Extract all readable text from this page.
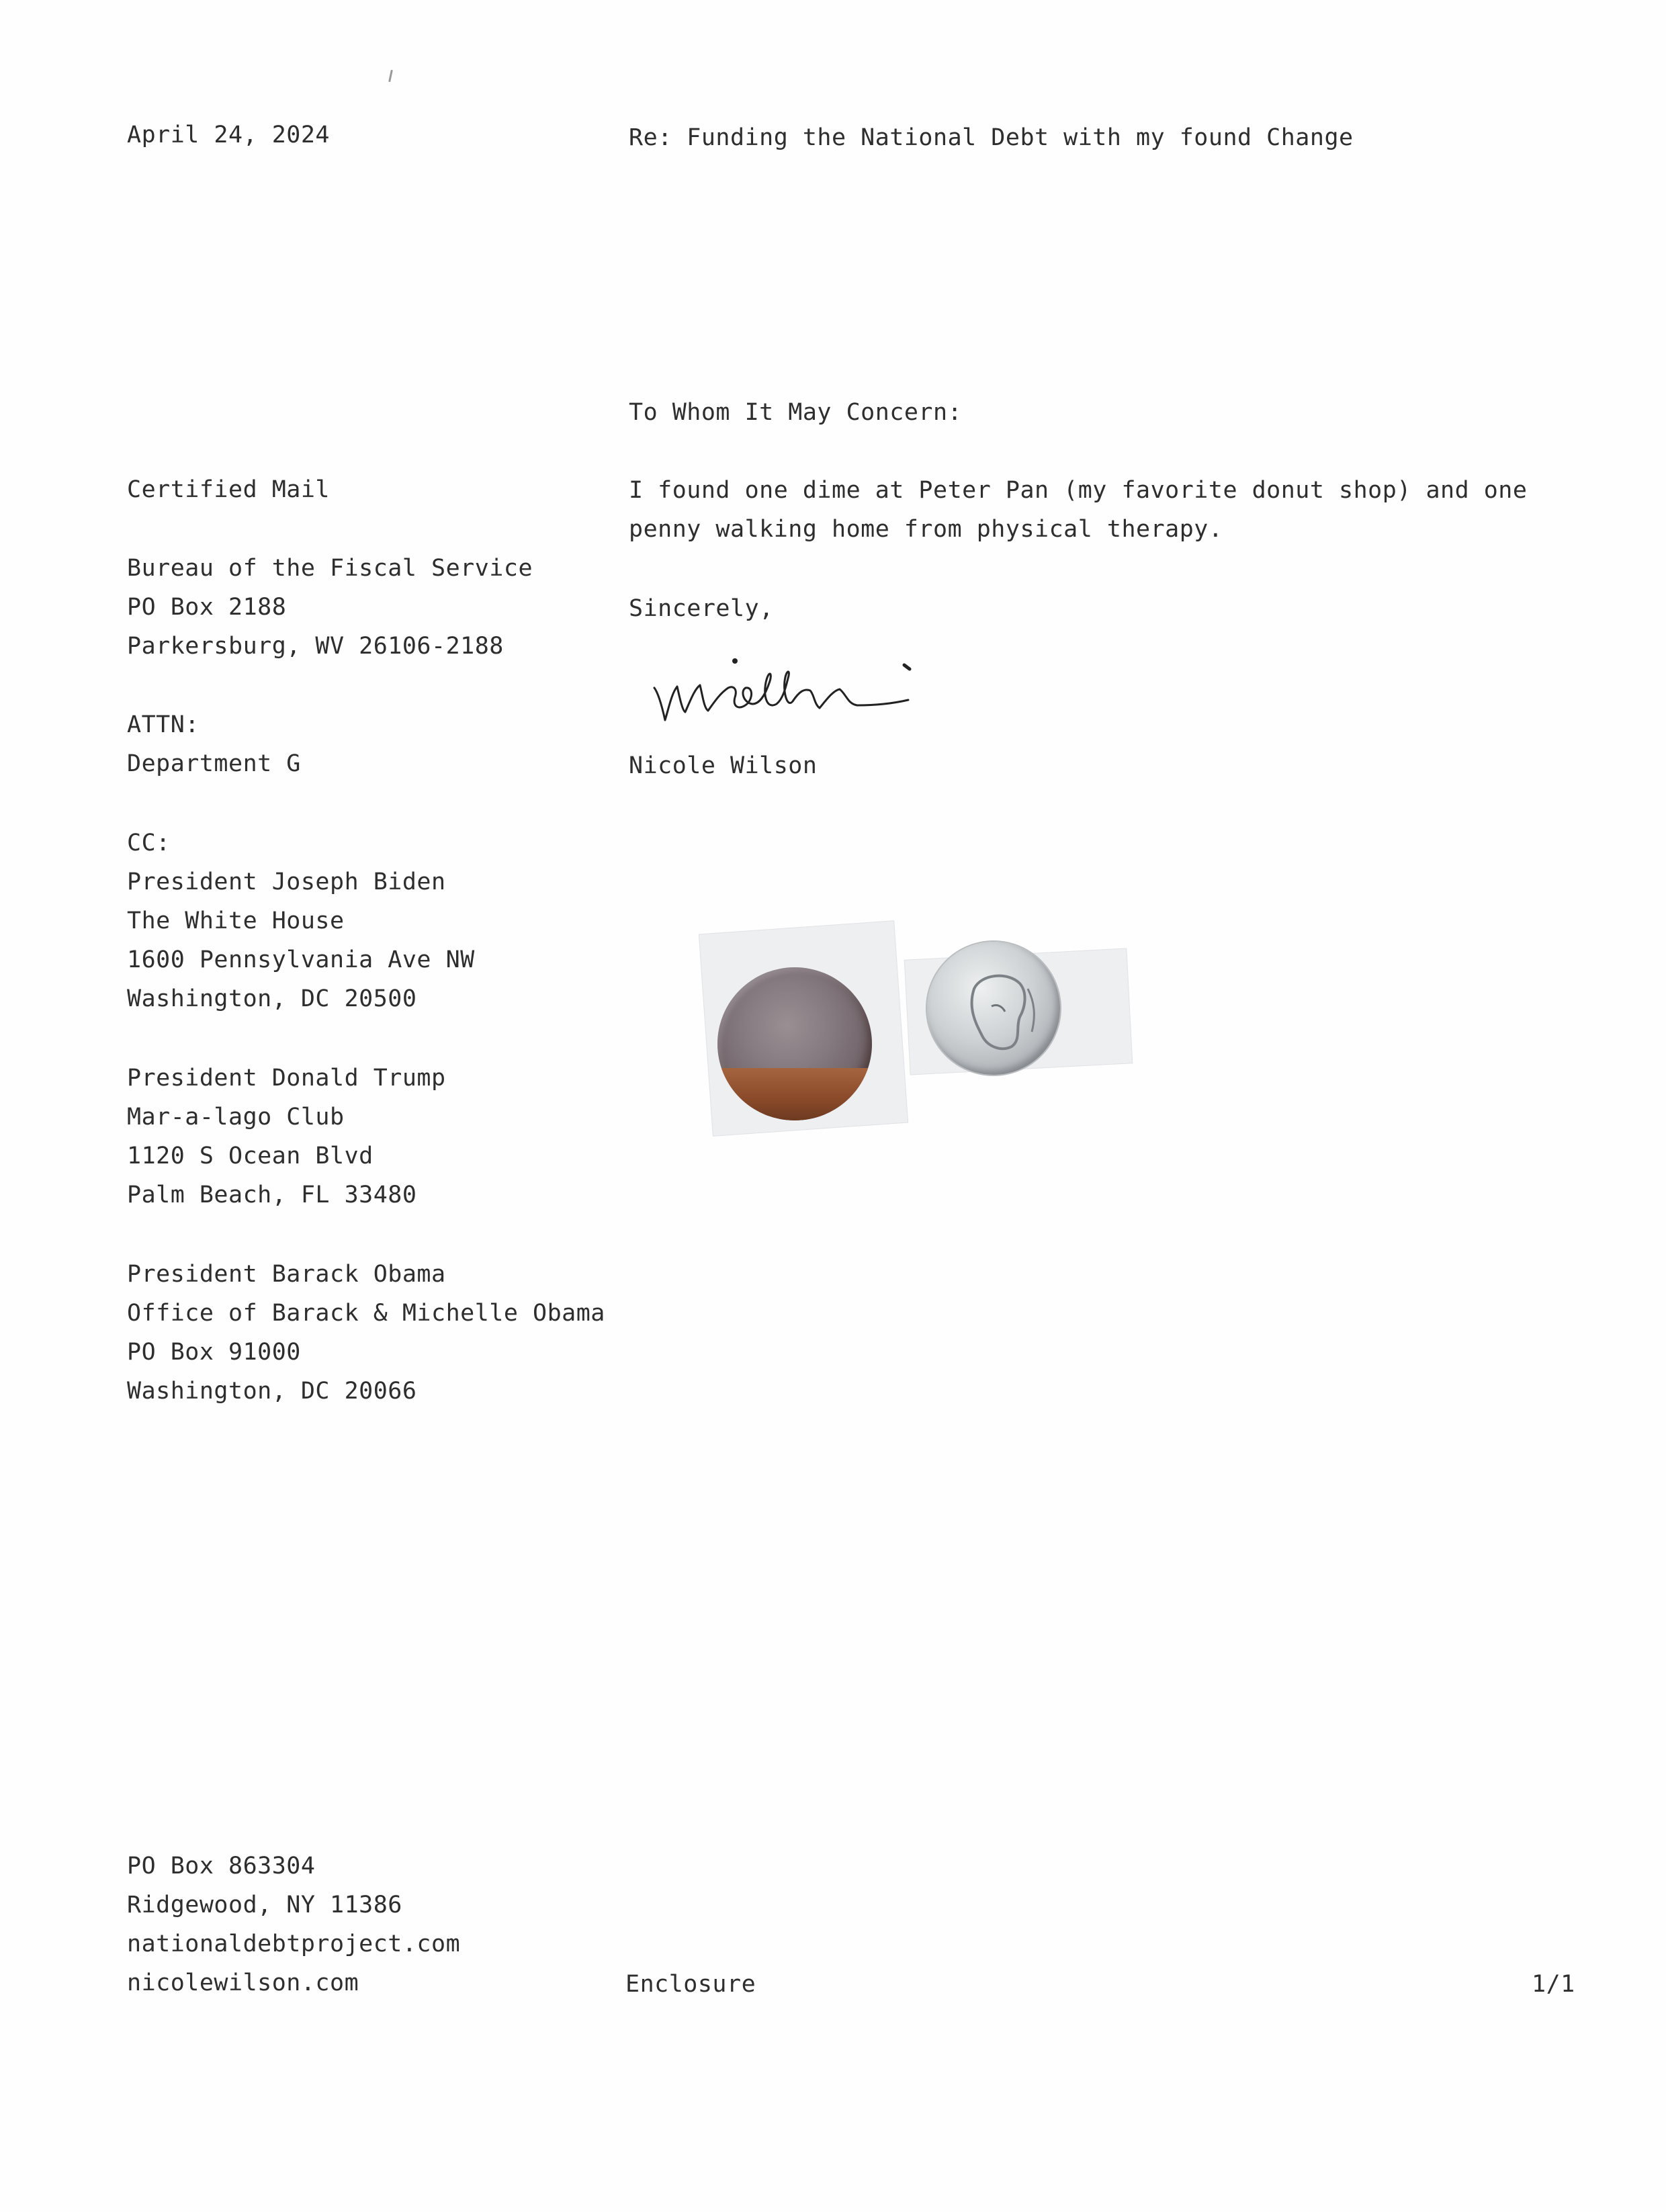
April 24, 2024	Re: Funding the National Debt with my found Change
To Whom It May Concern:
Certified Mail
Bureau of the Fiscal Service
PO Box 2188
Parkersburg, WV 26106-2188
ATTN:
Department G
CC:
President Joseph Biden
The White House
1600 Pennsylvania Ave NW
Washington, DC 20500
President Donald Trump
Mar-a-lago Club
1120 S Ocean Blvd
Palm Beach, FL 33480
President Barack Obama
Office of Barack & Michelle Obama
PO Box 91000
Washington, DC 20066
I found one dime at Peter Pan (my favorite donut shop) and one
penny walking home from physical therapy.
Sincerely,
Nicole Wilson
PO Box 863304
Ridgewood, NY 11386
nationaldebtproject.com
nicolewilson.com	Enclosure	1/1
